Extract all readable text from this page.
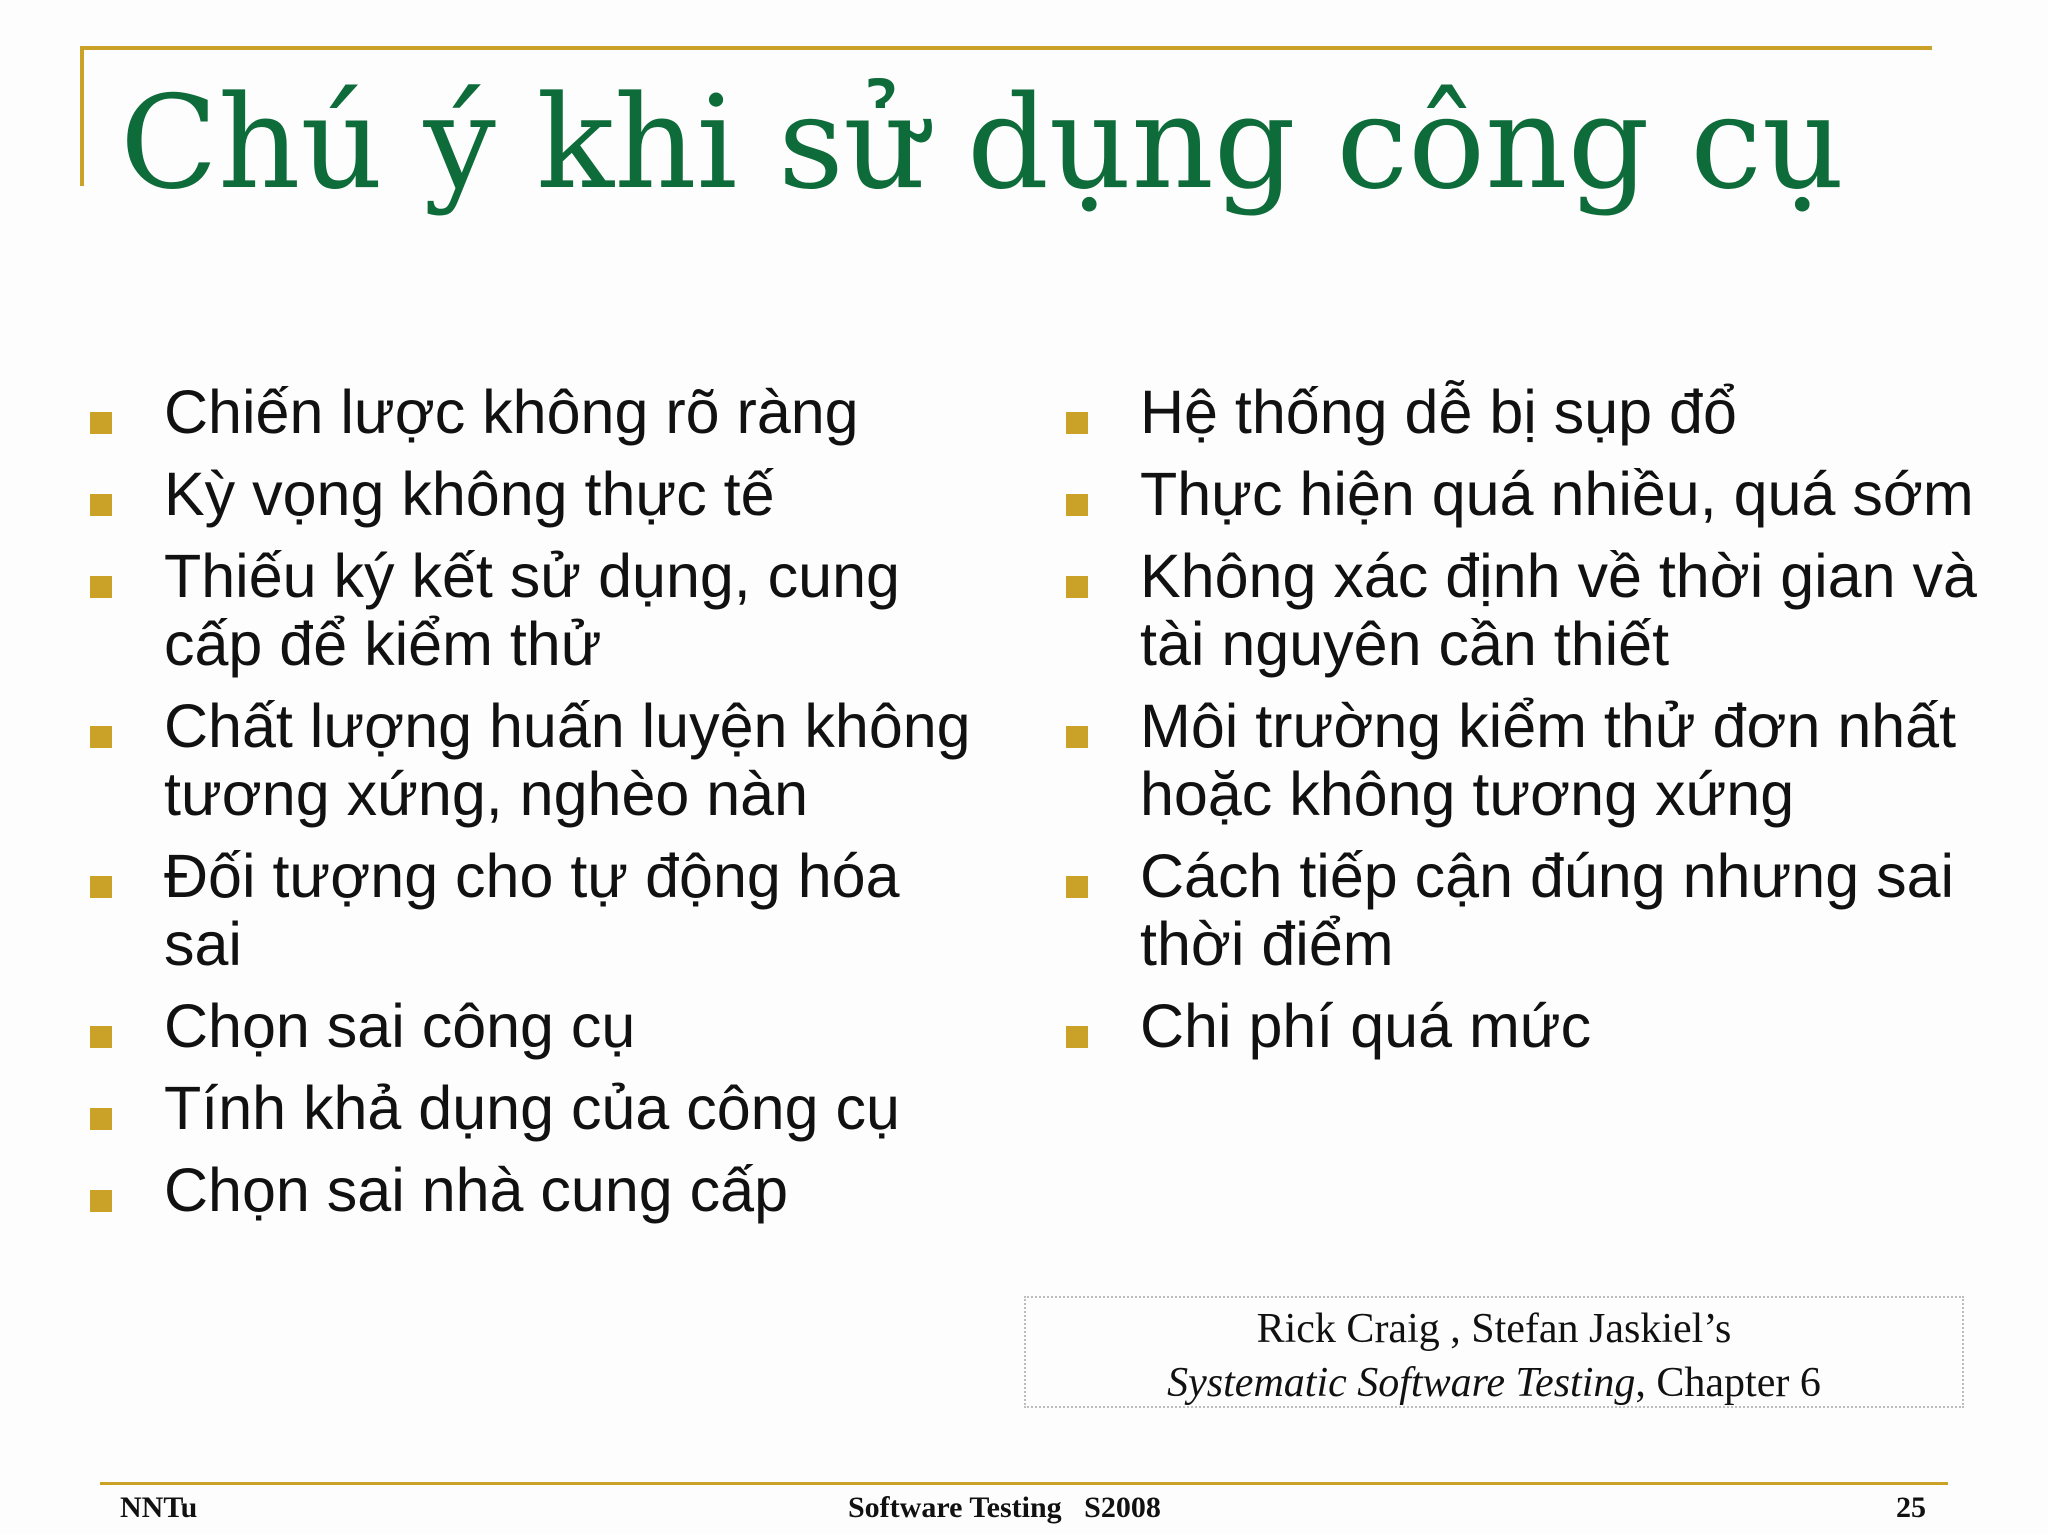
Chú ý khi sử dụng công cụ
Chiến lược không rõ ràng
Kỳ vọng không thực tế
Thiếu ký kết sử dụng, cung cấp để kiểm thử
Chất lượng huấn luyện không tương xứng, nghèo nàn
Đối tượng cho tự động hóa sai
Chọn sai công cụ
Tính khả dụng của công cụ
Chọn sai nhà cung cấp
Hệ thống dễ bị sụp đổ
Thực hiện quá nhiều, quá sớm
Không xác định về thời gian và tài nguyên cần thiết
Môi trường kiểm thử đơn nhất hoặc không tương xứng
Cách tiếp cận đúng nhưng sai thời điểm
Chi phí quá mức
Rick Craig , Stefan Jaskiel’s
Systematic Software Testing, Chapter 6
NNTu	Software Testing   S2008	25
